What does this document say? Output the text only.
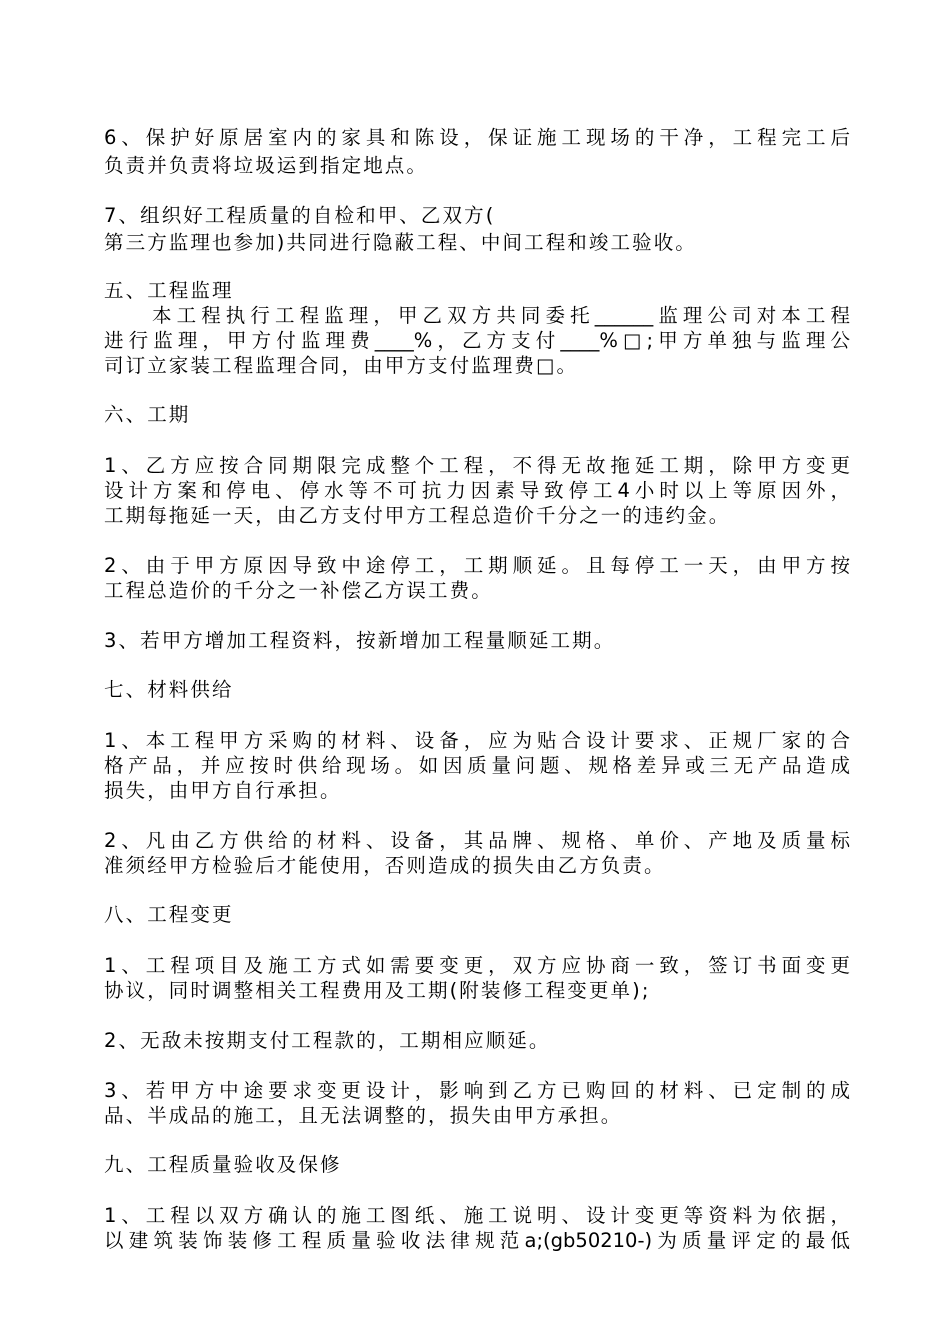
6、保护好原居室内的家具和陈设，保证施工现场的干净，工程完工后
负责并负责将垃圾运到指定地点。
7、组织好工程质量的自检和甲、乙双方(
第三方监理也参加)共同进行隐蔽工程、中间工程和竣工验收。
五、工程监理
本工程执行工程监理，甲乙双方共同委托______监理公司对本工程
进行监理，甲方付监理费____%，乙方支付____%□;甲方单独与监理公
司订立家装工程监理合同，由甲方支付监理费□。
六、工期
1、乙方应按合同期限完成整个工程，不得无故拖延工期，除甲方变更
设计方案和停电、停水等不可抗力因素导致停工4小时以上等原因外，
工期每拖延一天，由乙方支付甲方工程总造价千分之一的违约金。
2、由于甲方原因导致中途停工，工期顺延。且每停工一天，由甲方按
工程总造价的千分之一补偿乙方误工费。
3、若甲方增加工程资料，按新增加工程量顺延工期。
七、材料供给
1、本工程甲方采购的材料、设备，应为贴合设计要求、正规厂家的合
格产品，并应按时供给现场。如因质量问题、规格差异或三无产品造成
损失，由甲方自行承担。
2、凡由乙方供给的材料、设备，其品牌、规格、单价、产地及质量标
准须经甲方检验后才能使用，否则造成的损失由乙方负责。
八、工程变更
1、工程项目及施工方式如需要变更，双方应协商一致，签订书面变更
协议，同时调整相关工程费用及工期(附装修工程变更单);
2、无敌未按期支付工程款的，工期相应顺延。
3、若甲方中途要求变更设计，影响到乙方已购回的材料、已定制的成
品、半成品的施工，且无法调整的，损失由甲方承担。
九、工程质量验收及保修
1、工程以双方确认的施工图纸、施工说明、设计变更等资料为依据，
以建筑装饰装修工程质量验收法律规范a;(gb50210-)为质量评定的最低
